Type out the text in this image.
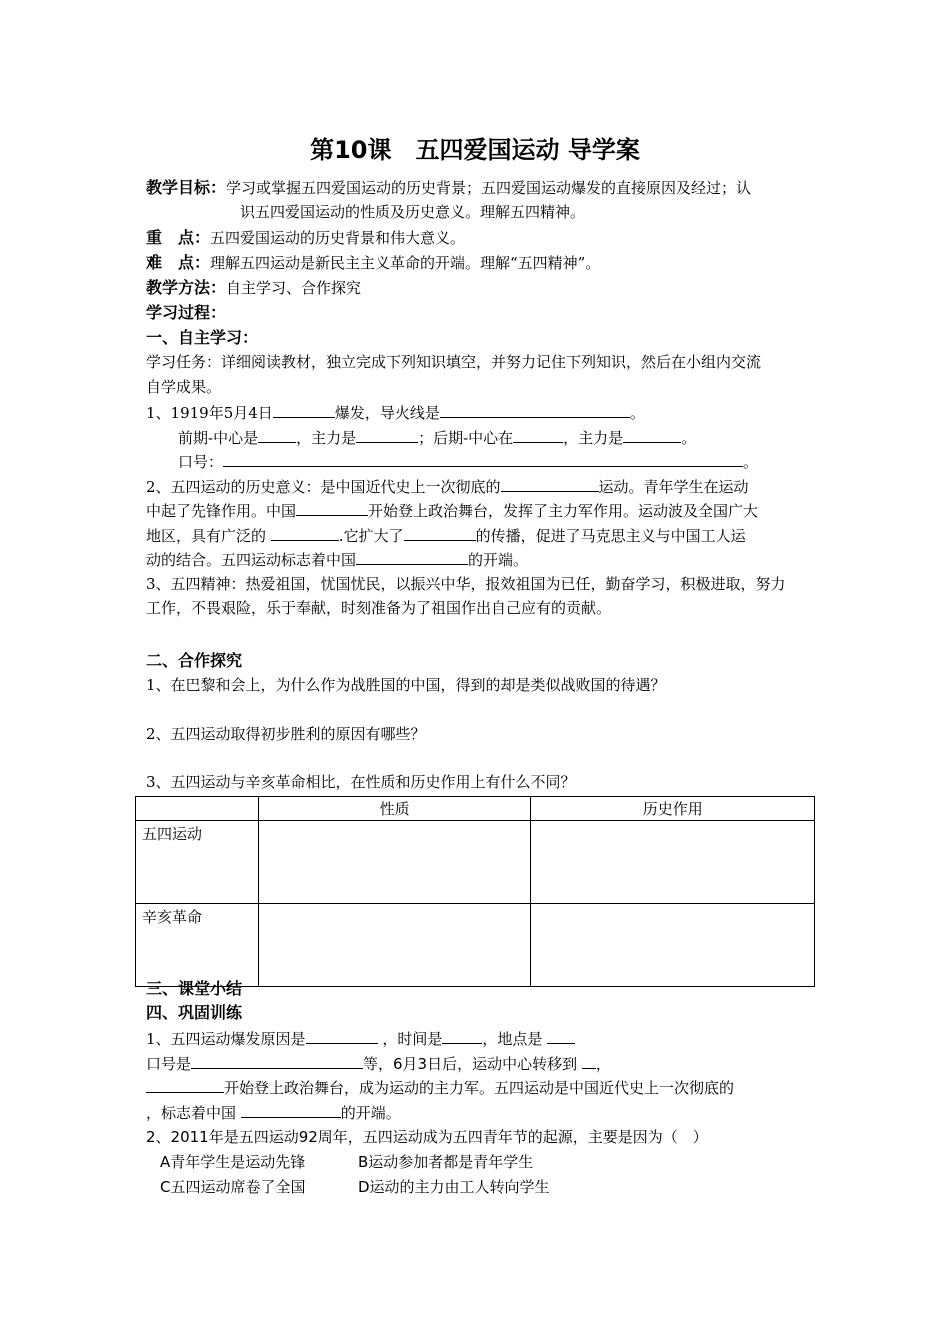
第10课　五四爱国运动 导学案
教学目标：学习或掌握五四爱国运动的历史背景；五四爱国运动爆发的直接原因及经过；认
识五四爱国运动的性质及历史意义。理解五四精神。
重　点：五四爱国运动的历史背景和伟大意义。
难　点：理解五四运动是新民主主义革命的开端。理解“五四精神”。
教学方法：自主学习、合作探究
学习过程：
一、自主学习：
学习任务：详细阅读教材，独立完成下列知识填空，并努力记住下列知识，然后在小组内交流
自学成果。
1、1919年5月4日	爆发，导火线是	。
前期-中心是	，主力是	；后期-中心在	，主力是	。
口号：	。
2、五四运动的历史意义：是中国近代史上一次彻底的	运动。青年学生在运动
中起了先锋作用。中国	开始登上政治舞台，发挥了主力军作用。运动波及全国广大
地区，具有广泛的	.它扩大了	的传播，促进了马克思主义与中国工人运
动的结合。五四运动标志着中国	的开端。
3、五四精神：热爱祖国，忧国忧民，以振兴中华，报效祖国为已任，勤奋学习，积极进取，努力
工作，不畏艰险，乐于奉献，时刻准备为了祖国作出自己应有的贡献。
二、合作探究
1、在巴黎和会上，为什么作为战胜国的中国，得到的却是类似战败国的待遇？
2、五四运动取得初步胜利的原因有哪些？
3、五四运动与辛亥革命相比，在性质和历史作用上有什么不同？
	性质	历史作用
五四运动		
辛亥革命		
三、课堂小结
四、巩固训练
1、五四运动爆发原因是	，时间是	，地点是
口号是	等，6月3日后，运动中心转移到 ，
开始登上政治舞台，成为运动的主力军。五四运动是中国近代史上一次彻底的
，标志着中国	的开端。
2、2011年是五四运动92周年，五四运动成为五四青年节的起源，主要是因为（　）
A青年学生是运动先锋	B运动参加者都是青年学生
C五四运动席卷了全国	D运动的主力由工人转向学生
